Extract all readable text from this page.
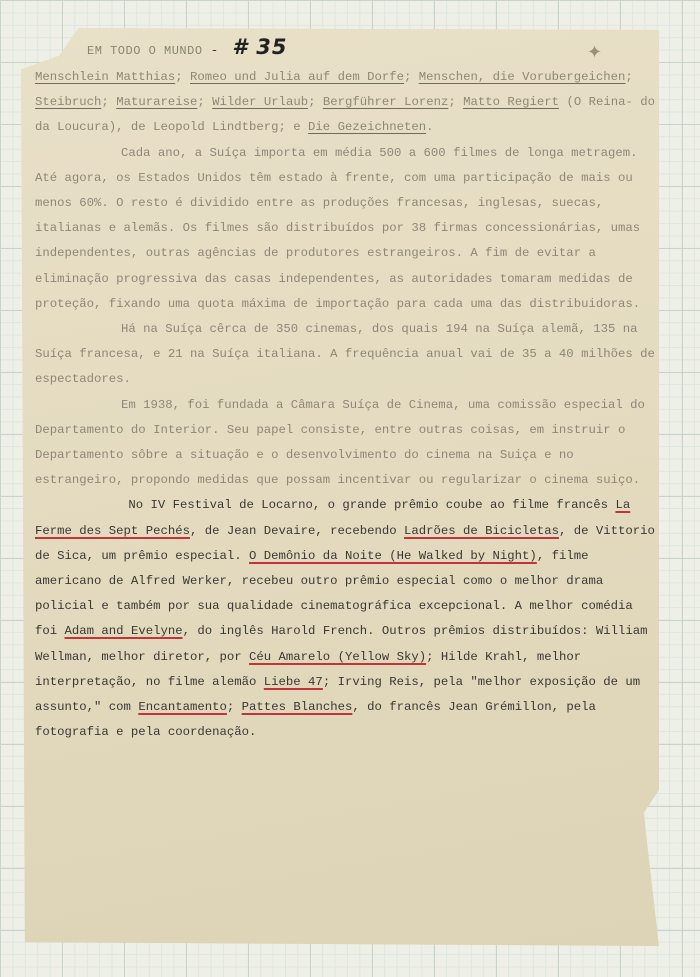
✦
EM TODO O MUNDO - # 35

Menschlein Matthias; Romeo und Julia auf dem Dorfe; Menschen, die Vorubergeichen; Steibruch; Maturareise; Wilder Urlaub; Bergführer Lorenz; Matto Regiert (O Reina- do da Loucura), de Leopold Lindtberg; e Die Gezeichneten.

Cada ano, a Suíça importa em média 500 a 600 filmes de longa metragem. Até agora, os Estados Unidos têm estado à frente, com uma participação de mais ou menos 60%. O resto é dividido entre as produções francesas, inglesas, suecas, italianas e alemãs. Os filmes são distribuídos por 38 firmas concessionárias, umas independentes, outras agências de produtores estrangeiros. A fim de evitar a eliminação progressiva das casas independentes, as autoridades tomaram medidas de proteção, fixando uma quota máxima de importação para cada uma das distribuidoras.

Há na Suíça cêrca de 350 cinemas, dos quais 194 na Suíça alemã, 135 na Suíça francesa, e 21 na Suíça italiana. A frequência anual vai de 35 a 40 milhões de espectadores.

Em 1938, foi fundada a Câmara Suíça de Cinema, uma comissão especial do Departamento do Interior. Seu papel consiste, entre outras coisas, em instruir o Departamento sôbre a situação e o desenvolvimento do cinema na Suiça e no estrangeiro, propondo medidas que possam incentivar ou regularizar o cinema suiço.

No IV Festival de Locarno, o grande prêmio coube ao filme francês La Ferme des Sept Pechés, de Jean Devaire, recebendo Ladrões de Bicicletas, de Vittorio de Sica, um prêmio especial. O Demônio da Noite (He Walked by Night), filme americano de Alfred Werker, recebeu outro prêmio especial como o melhor drama policial e também por sua qualidade cinematográfica excepcional. A melhor comédia foi Adam and Evelyne, do inglês Harold French. Outros prêmios distribuídos: William Wellman, melhor diretor, por Céu Amarelo (Yellow Sky); Hilde Krahl, melhor interpretação, no filme alemão Liebe 47; Irving Reis, pela "melhor exposição de um assunto," com Encantamento; Pattes Blanches, do francês Jean Grémillon, pela fotografia e pela coordenação.
